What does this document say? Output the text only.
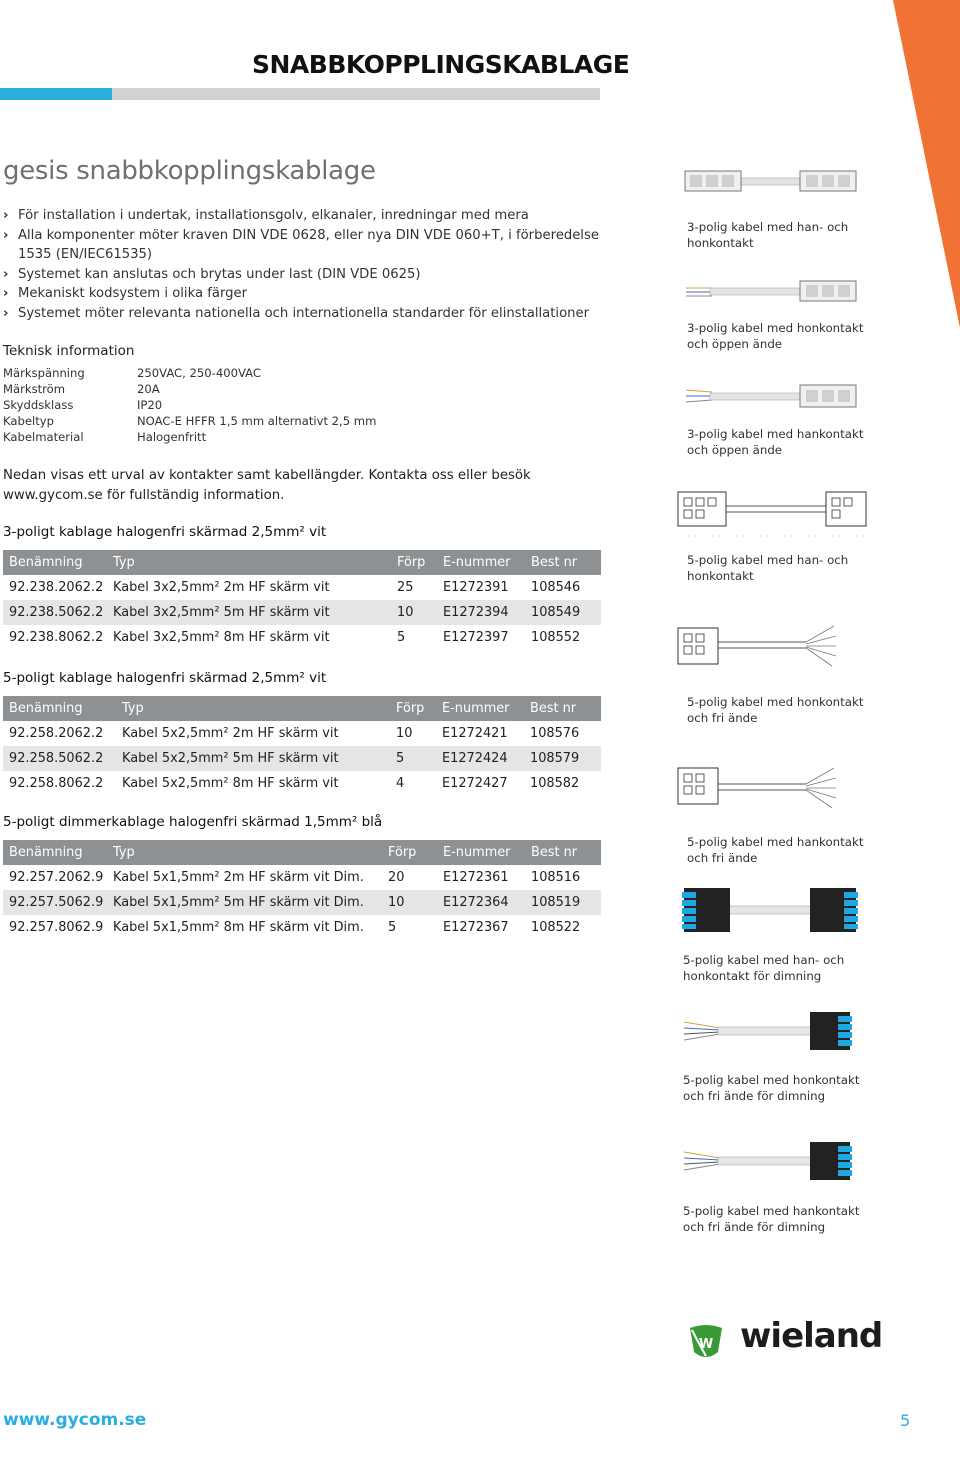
SNABBKOPPLINGSKABLAGE
gesis snabbkopplingskablage
› För installation i undertak, installationsgolv, elkanaler, inredningar med mera
› Alla komponenter möter kraven DIN VDE 0628, eller nya DIN VDE 060+T, i förberedelse 1535 (EN/IEC61535)
› Systemet kan anslutas och brytas under last (DIN VDE 0625)
› Mekaniskt kodsystem i olika färger
› Systemet möter relevanta nationella och internationella standarder för elinstallationer
Teknisk information
Märkspänning	250VAC, 250-400VAC
Märkström	20A
Skyddsklass	IP20
Kabeltyp	NOAC-E HFFR 1,5 mm alternativt 2,5 mm
Kabelmaterial	Halogenfritt
Nedan visas ett urval av kontakter samt kabellängder. Kontakta oss eller besök www.gycom.se för fullständig information.
3-poligt kablage halogenfri skärmad 2,5mm² vit
Benämning	Typ	Förp	E-nummer	Best nr
92.238.2062.2	Kabel 3x2,5mm² 2m HF skärm vit	25	E1272391	108546
92.238.5062.2	Kabel 3x2,5mm² 5m HF skärm vit	10	E1272394	108549
92.238.8062.2	Kabel 3x2,5mm² 8m HF skärm vit	5	E1272397	108552
5-poligt kablage halogenfri skärmad 2,5mm² vit
Benämning	Typ	Förp	E-nummer	Best nr
92.258.2062.2	Kabel 5x2,5mm² 2m HF skärm vit	10	E1272421	108576
92.258.5062.2	Kabel 5x2,5mm² 5m HF skärm vit	5	E1272424	108579
92.258.8062.2	Kabel 5x2,5mm² 8m HF skärm vit	4	E1272427	108582
5-poligt dimmerkablage halogenfri skärmad 1,5mm² blå
Benämning	Typ	Förp	E-nummer	Best nr
92.257.2062.9	Kabel 5x1,5mm² 2m HF skärm vit Dim.	20	E1272361	108516
92.257.5062.9	Kabel 5x1,5mm² 5m HF skärm vit Dim.	10	E1272364	108519
92.257.8062.9	Kabel 5x1,5mm² 8m HF skärm vit Dim.	5	E1272367	108522
3-polig kabel med han- och honkontakt
3-polig kabel med honkontakt och öppen ände
3-polig kabel med hankontakt och öppen ände
5-polig kabel med han- och honkontakt
5-polig kabel med honkontakt och fri ände
5-polig kabel med hankontakt och fri ände
5-polig kabel med han- och honkontakt för dimning
5-polig kabel med honkontakt och fri ände för dimning
5-polig kabel med hankontakt och fri ände för dimning
W wieland
www.gycom.se	5
